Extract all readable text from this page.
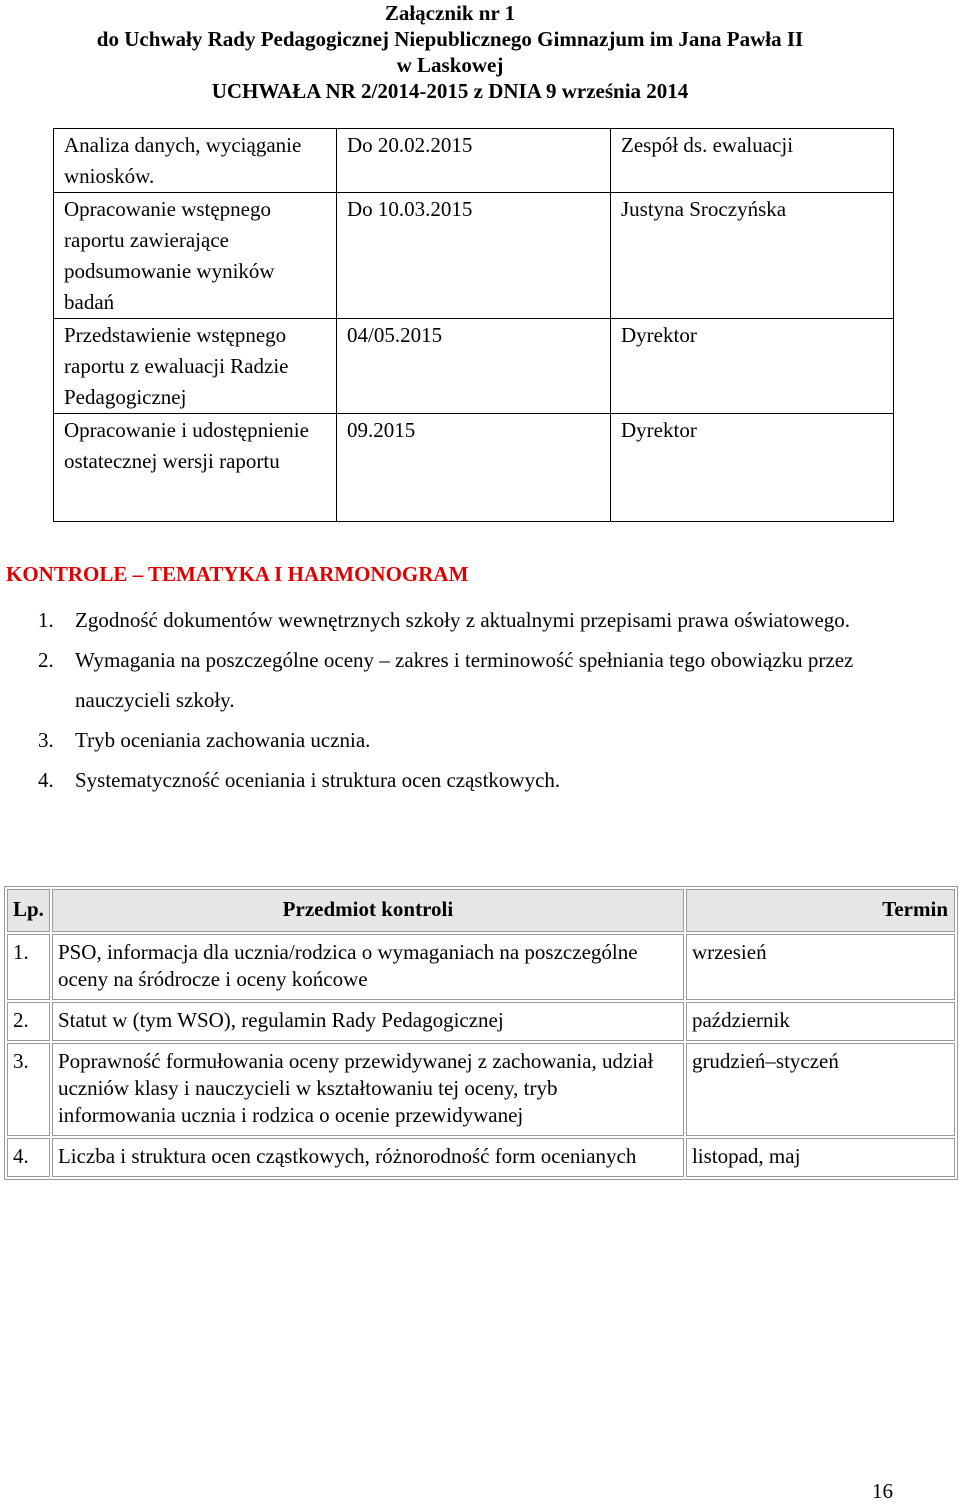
Załącznik nr 1
do Uchwały Rady Pedagogicznej Niepublicznego Gimnazjum im Jana Pawła II
w Laskowej
UCHWAŁA NR 2/2014-2015 z DNIA 9 września 2014
Analiza danych, wyciąganie wniosków.	Do 20.02.2015	Zespół ds. ewaluacji
Opracowanie wstępnego raportu zawierające podsumowanie wyników badań	Do 10.03.2015	Justyna Sroczyńska
Przedstawienie wstępnego raportu z ewaluacji Radzie Pedagogicznej	04/05.2015	Dyrektor
Opracowanie i udostępnienie ostatecznej wersji raportu	09.2015	Dyrektor
KONTROLE – TEMATYKA I HARMONOGRAM
1. Zgodność dokumentów wewnętrznych szkoły z aktualnymi przepisami prawa oświatowego.
2. Wymagania na poszczególne oceny – zakres i terminowość spełniania tego obowiązku przez nauczycieli szkoły.
3. Tryb oceniania zachowania ucznia.
4. Systematyczność oceniania i struktura ocen cząstkowych.
Lp.	Przedmiot kontroli	Termin
1.	PSO, informacja dla ucznia/rodzica o wymaganiach na poszczególne oceny na śródrocze i oceny końcowe	wrzesień
2.	Statut w (tym WSO), regulamin Rady Pedagogicznej	październik
3.	Poprawność formułowania oceny przewidywanej z zachowania, udział uczniów klasy i nauczycieli w kształtowaniu tej oceny, tryb informowania ucznia i rodzica o ocenie przewidywanej	grudzień–styczeń
4.	Liczba i struktura ocen cząstkowych, różnorodność form ocenianych	listopad, maj
16
